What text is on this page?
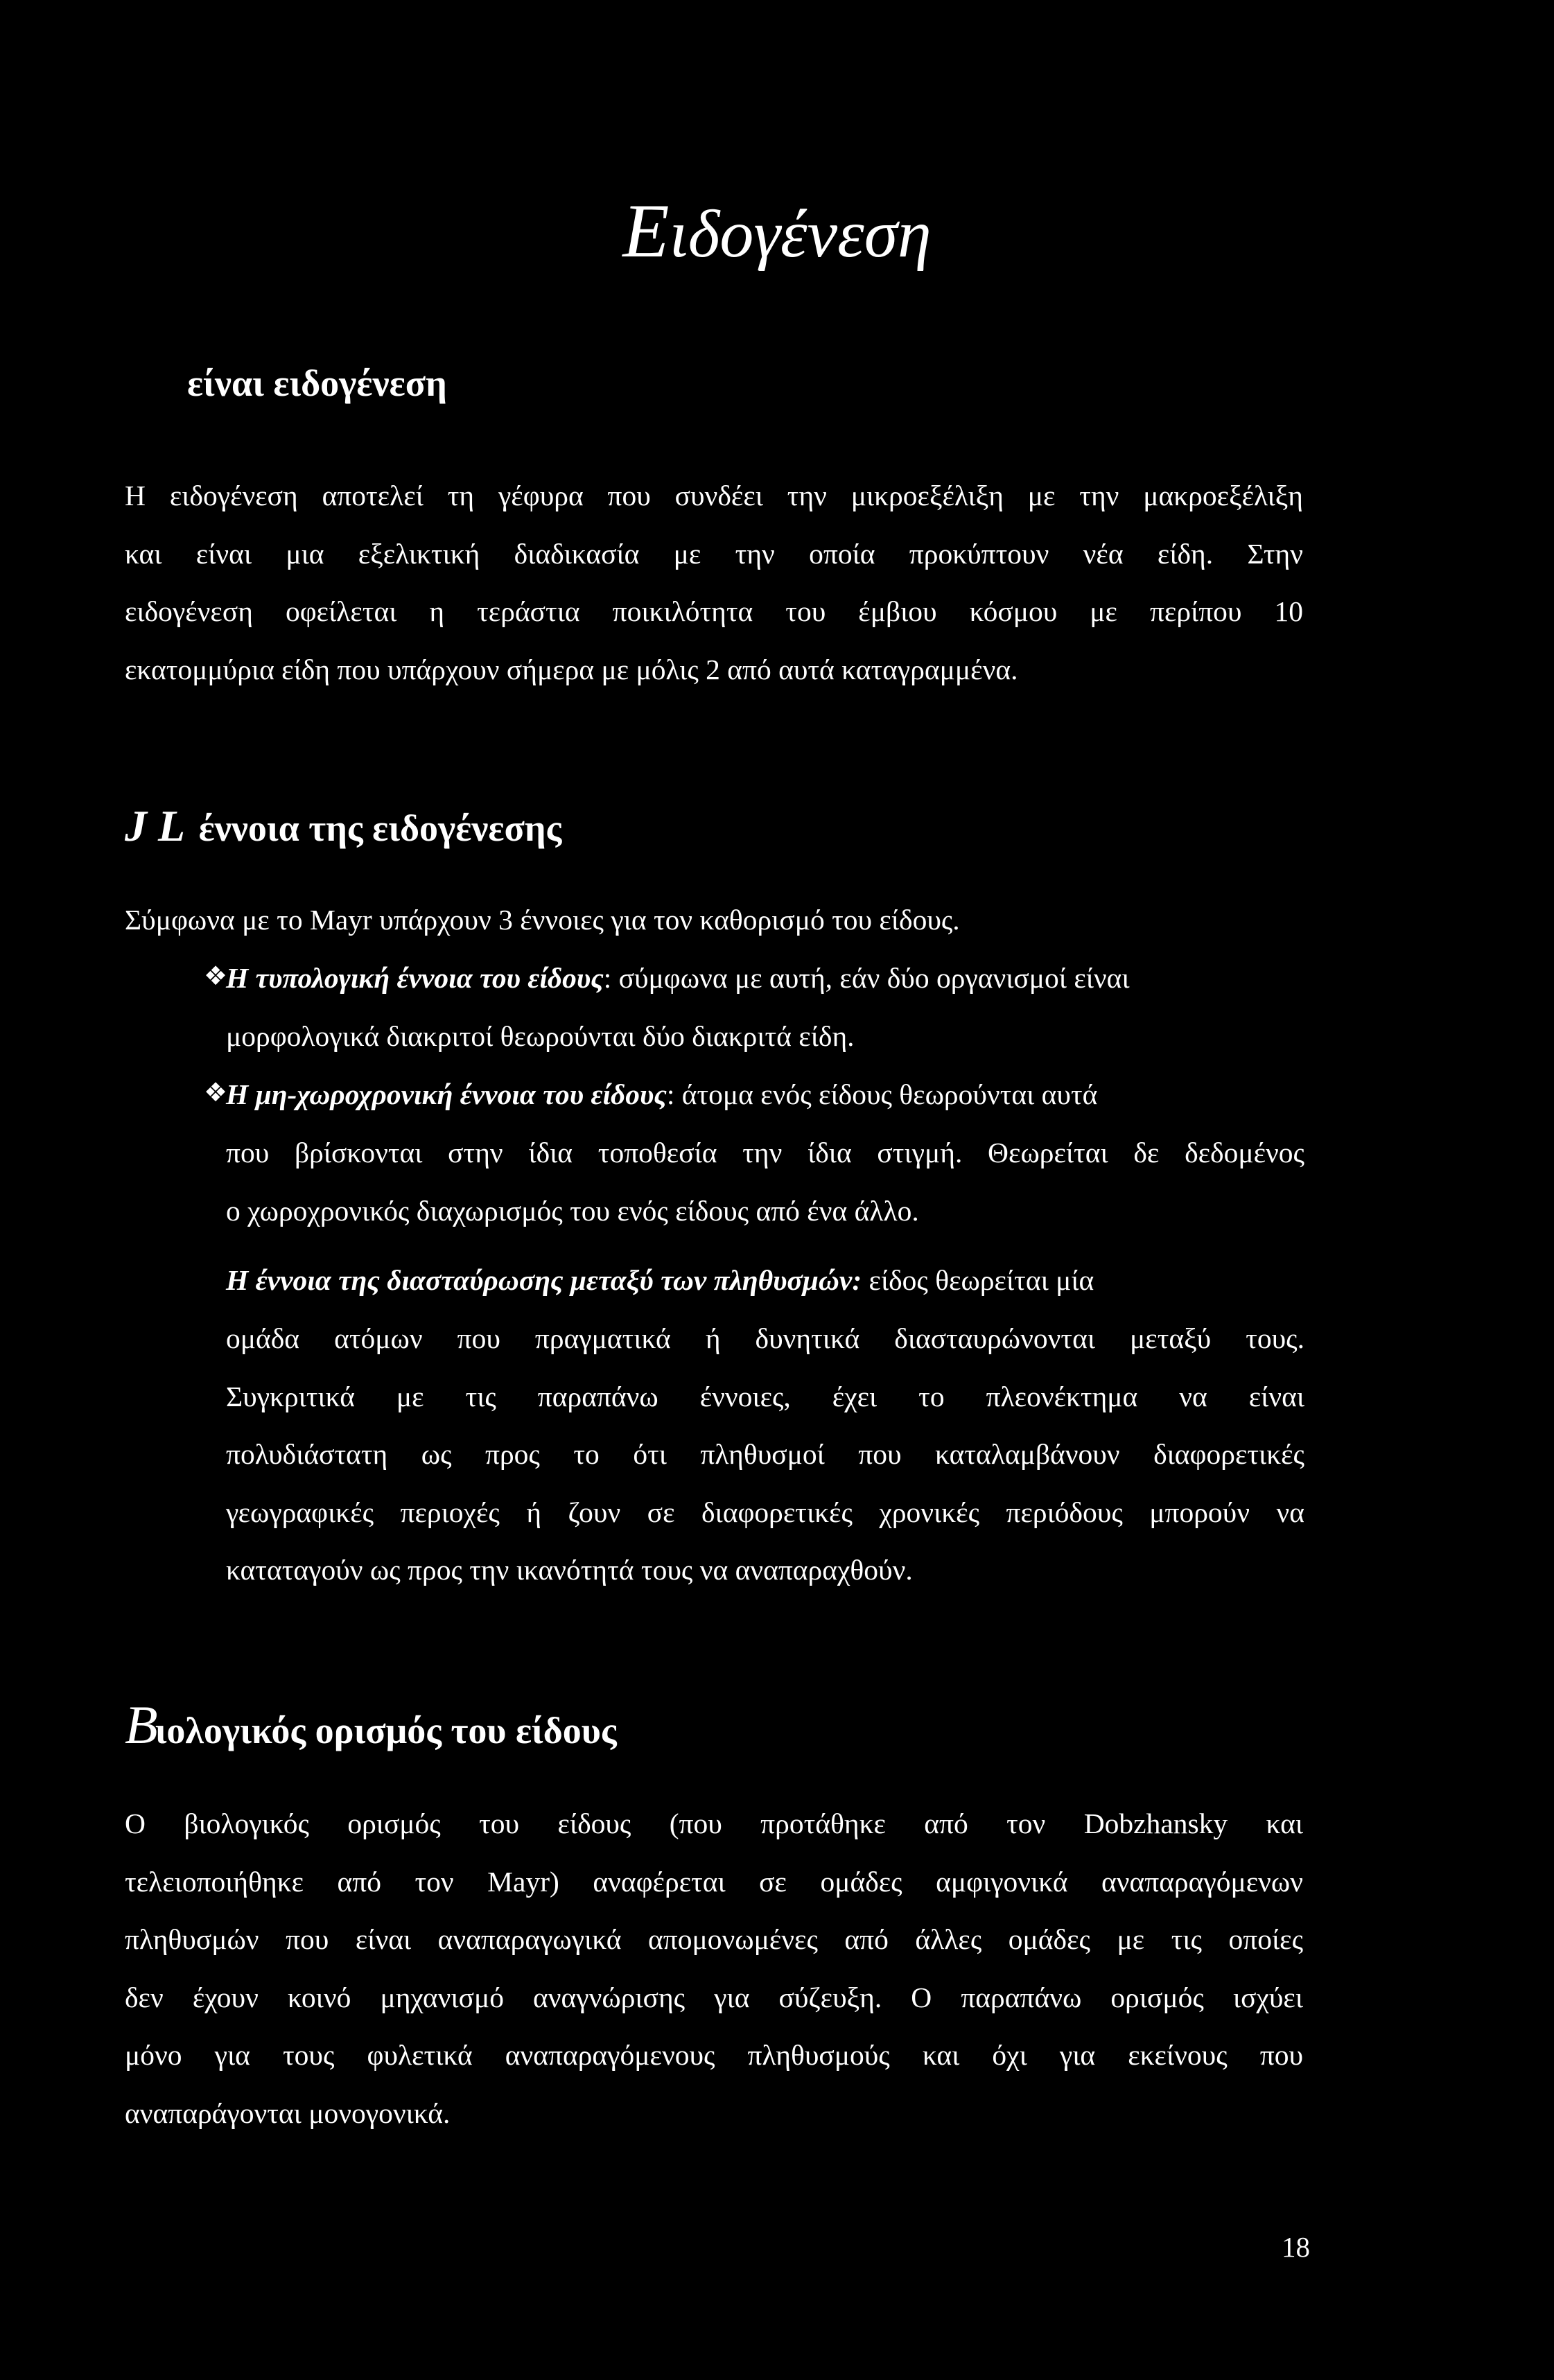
Ειδογένεση
είναι ειδογένεση
Η ειδογένεση αποτελεί τη γέφυρα που συνδέει την μικροεξέλιξη με την μακροεξέλιξη
και είναι μια εξελικτική διαδικασία με την οποία προκύπτουν νέα είδη. Στην
ειδογένεση οφείλεται η τεράστια ποικιλότητα του έμβιου κόσμου με περίπου 10
εκατομμύρια είδη που υπάρχουν σήμερα με μόλις 2 από αυτά καταγραμμένα.
J L έννοια της ειδογένεσης

Σύμφωνα με το Mayr υπάρχουν 3 έννοιες για τον καθορισμό του είδους.

❖

Η τυπολογική έννοια του είδους: σύμφωνα με αυτή, εάν δύο οργανισμοί είναι

μορφολογικά διακριτοί θεωρούνται δύο διακριτά είδη.

❖

Η μη-χωροχρονική έννοια του είδους: άτομα ενός είδους θεωρούνται αυτά

που βρίσκονται στην ίδια τοποθεσία την ίδια στιγμή. Θεωρείται δε δεδομένος
ο χωροχρονικός διαχωρισμός του ενός είδους από ένα άλλο.

Η έννοια της διασταύρωσης μεταξύ των πληθυσμών: είδος θεωρείται μία

ομάδα ατόμων που πραγματικά ή δυνητικά διασταυρώνονται μεταξύ τους.
Συγκριτικά με τις παραπάνω έννοιες, έχει το πλεονέκτημα να είναι
πολυδιάστατη ως προς το ότι πληθυσμοί που καταλαμβάνουν διαφορετικές
γεωγραφικές περιοχές ή ζουν σε διαφορετικές χρονικές περιόδους μπορούν να
καταταγούν ως προς την ικανότητά τους να αναπαραχθούν.
Βιολογικός ορισμός του είδους
Ο βιολογικός ορισμός του είδους (που προτάθηκε από τον Dobzhansky και
τελειοποιήθηκε από τον Mayr) αναφέρεται σε ομάδες αμφιγονικά αναπαραγόμενων
πληθυσμών που είναι αναπαραγωγικά απομονωμένες από άλλες ομάδες με τις οποίες
δεν έχουν κοινό μηχανισμό αναγνώρισης για σύζευξη. Ο παραπάνω ορισμός ισχύει
μόνο για τους φυλετικά αναπαραγόμενους πληθυσμούς και όχι για εκείνους που
αναπαράγονται μονογονικά.

18
